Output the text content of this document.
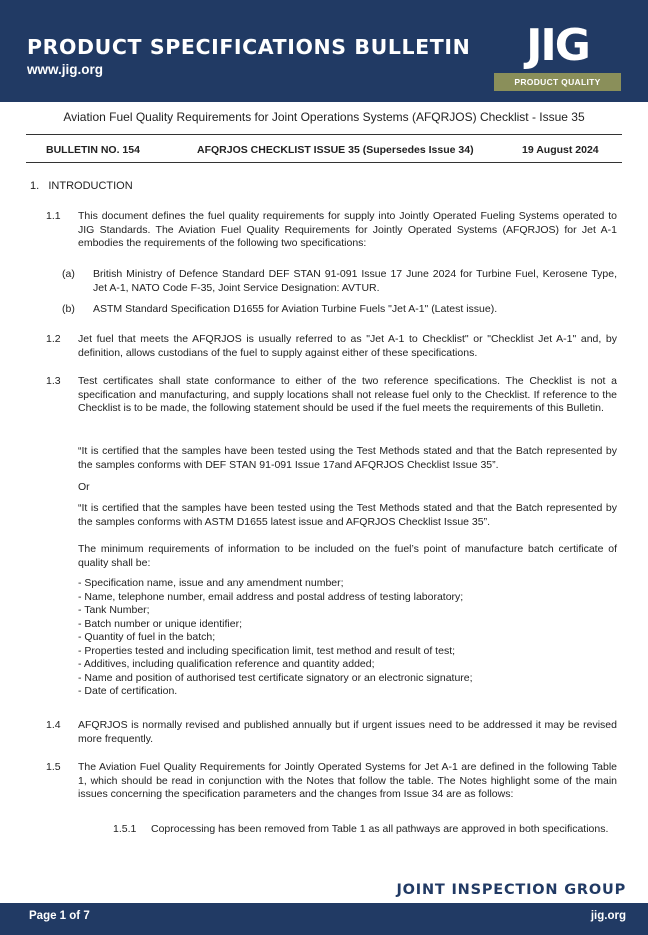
PRODUCT SPECIFICATIONS BULLETIN
www.jig.org	JIG
PRODUCT QUALITY
Aviation Fuel Quality Requirements for Joint Operations Systems (AFQRJOS) Checklist - Issue 35
BULLETIN NO. 154	AFQRJOS CHECKLIST ISSUE 35 (Supersedes Issue 34)	19 August 2024
1. INTRODUCTION
1.1 This document defines the fuel quality requirements for supply into Jointly Operated Fueling Systems operated to JIG Standards. The Aviation Fuel Quality Requirements for Jointly Operated Systems (AFQRJOS) for Jet A-1 embodies the requirements of the following two specifications:
(a) British Ministry of Defence Standard DEF STAN 91-091 Issue 17 June 2024 for Turbine Fuel, Kerosene Type, Jet A-1, NATO Code F-35, Joint Service Designation: AVTUR.
(b) ASTM Standard Specification D1655 for Aviation Turbine Fuels "Jet A-1" (Latest issue).
1.2 Jet fuel that meets the AFQRJOS is usually referred to as "Jet A-1 to Checklist" or "Checklist Jet A-1" and, by definition, allows custodians of the fuel to supply against either of these specifications.
1.3 Test certificates shall state conformance to either of the two reference specifications. The Checklist is not a specification and manufacturing, and supply locations shall not release fuel only to the Checklist. If reference to the Checklist is to be made, the following statement should be used if the fuel meets the requirements of this Bulletin.
“It is certified that the samples have been tested using the Test Methods stated and that the Batch represented by the samples conforms with DEF STAN 91-091 Issue 17and AFQRJOS Checklist Issue 35”.
Or
“It is certified that the samples have been tested using the Test Methods stated and that the Batch represented by the samples conforms with ASTM D1655 latest issue and AFQRJOS Checklist Issue 35”.
The minimum requirements of information to be included on the fuel’s point of manufacture batch certificate of quality shall be:
- Specification name, issue and any amendment number;
- Name, telephone number, email address and postal address of testing laboratory;
- Tank Number;
- Batch number or unique identifier;
- Quantity of fuel in the batch;
- Properties tested and including specification limit, test method and result of test;
- Additives, including qualification reference and quantity added;
- Name and position of authorised test certificate signatory or an electronic signature;
- Date of certification.
1.4 AFQRJOS is normally revised and published annually but if urgent issues need to be addressed it may be revised more frequently.
1.5 The Aviation Fuel Quality Requirements for Jointly Operated Systems for Jet A-1 are defined in the following Table 1, which should be read in conjunction with the Notes that follow the table. The Notes highlight some of the main issues concerning the specification parameters and the changes from Issue 34 are as follows:
1.5.1 Coprocessing has been removed from Table 1 as all pathways are approved in both specifications.
JOINT INSPECTION GROUP
Page 1 of 7	jig.org
